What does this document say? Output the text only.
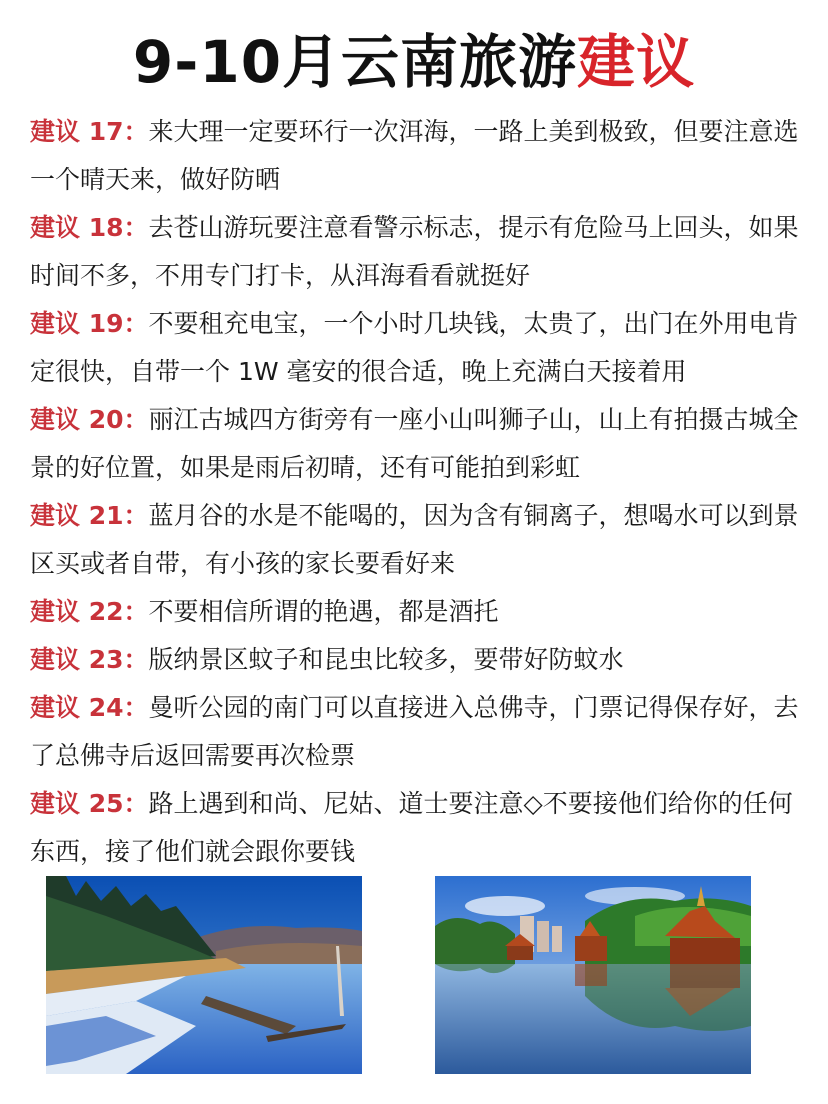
9-10月云南旅游建议

建议 17：来大理一定要环行一次洱海，一路上美到极致，但要注意选一个晴天来，做好防晒

建议 18：去苍山游玩要注意看警示标志，提示有危险马上回头，如果时间不多，不用专门打卡，从洱海看看就挺好

建议 19：不要租充电宝，一个小时几块钱，太贵了，出门在外用电肯定很快，自带一个 1W 毫安的很合适，晚上充满白天接着用

建议 20：丽江古城四方街旁有一座小山叫狮子山，山上有拍摄古城全景的好位置，如果是雨后初晴，还有可能拍到彩虹

建议 21：蓝月谷的水是不能喝的，因为含有铜离子，想喝水可以到景区买或者自带，有小孩的家长要看好来

建议 22：不要相信所谓的艳遇，都是酒托

建议 23：版纳景区蚊子和昆虫比较多，要带好防蚊水

建议 24：曼听公园的南门可以直接进入总佛寺，门票记得保存好，去了总佛寺后返回需要再次检票

建议 25：路上遇到和尚、尼姑、道士要注意◇不要接他们给你的任何东西，接了他们就会跟你要钱
